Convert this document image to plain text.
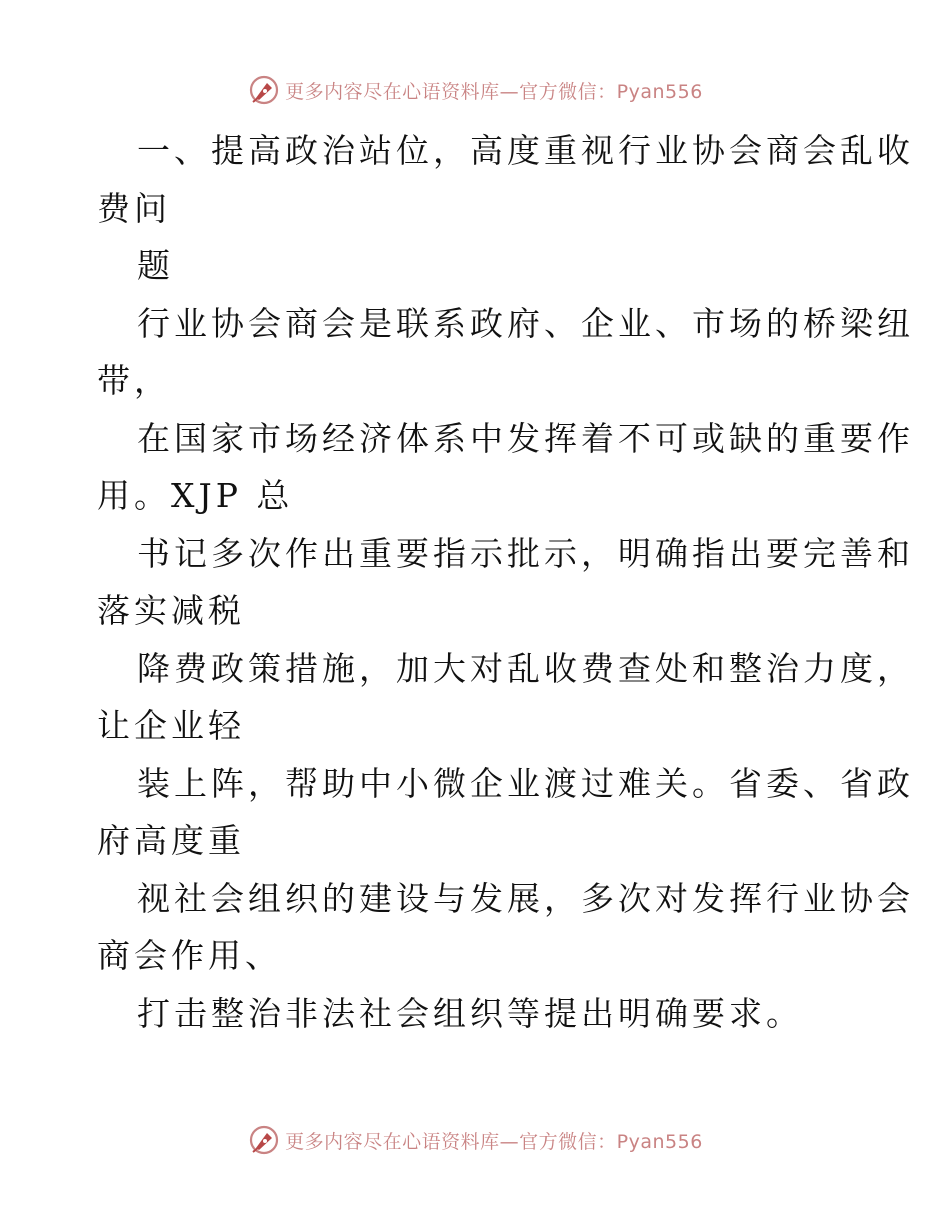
更多内容尽在心语资料库—官方微信：Pyan556
一、提高政治站位，高度重视行业协会商会乱收
费问
题
行业协会商会是联系政府、企业、市场的桥梁纽
带，
在国家市场经济体系中发挥着不可或缺的重要作
用。XJP 总
书记多次作出重要指示批示，明确指出要完善和
落实减税
降费政策措施，加大对乱收费查处和整治力度，
让企业轻
装上阵，帮助中小微企业渡过难关。省委、省政
府高度重
视社会组织的建设与发展，多次对发挥行业协会
商会作用、
打击整治非法社会组织等提出明确要求。
更多内容尽在心语资料库—官方微信：Pyan556
